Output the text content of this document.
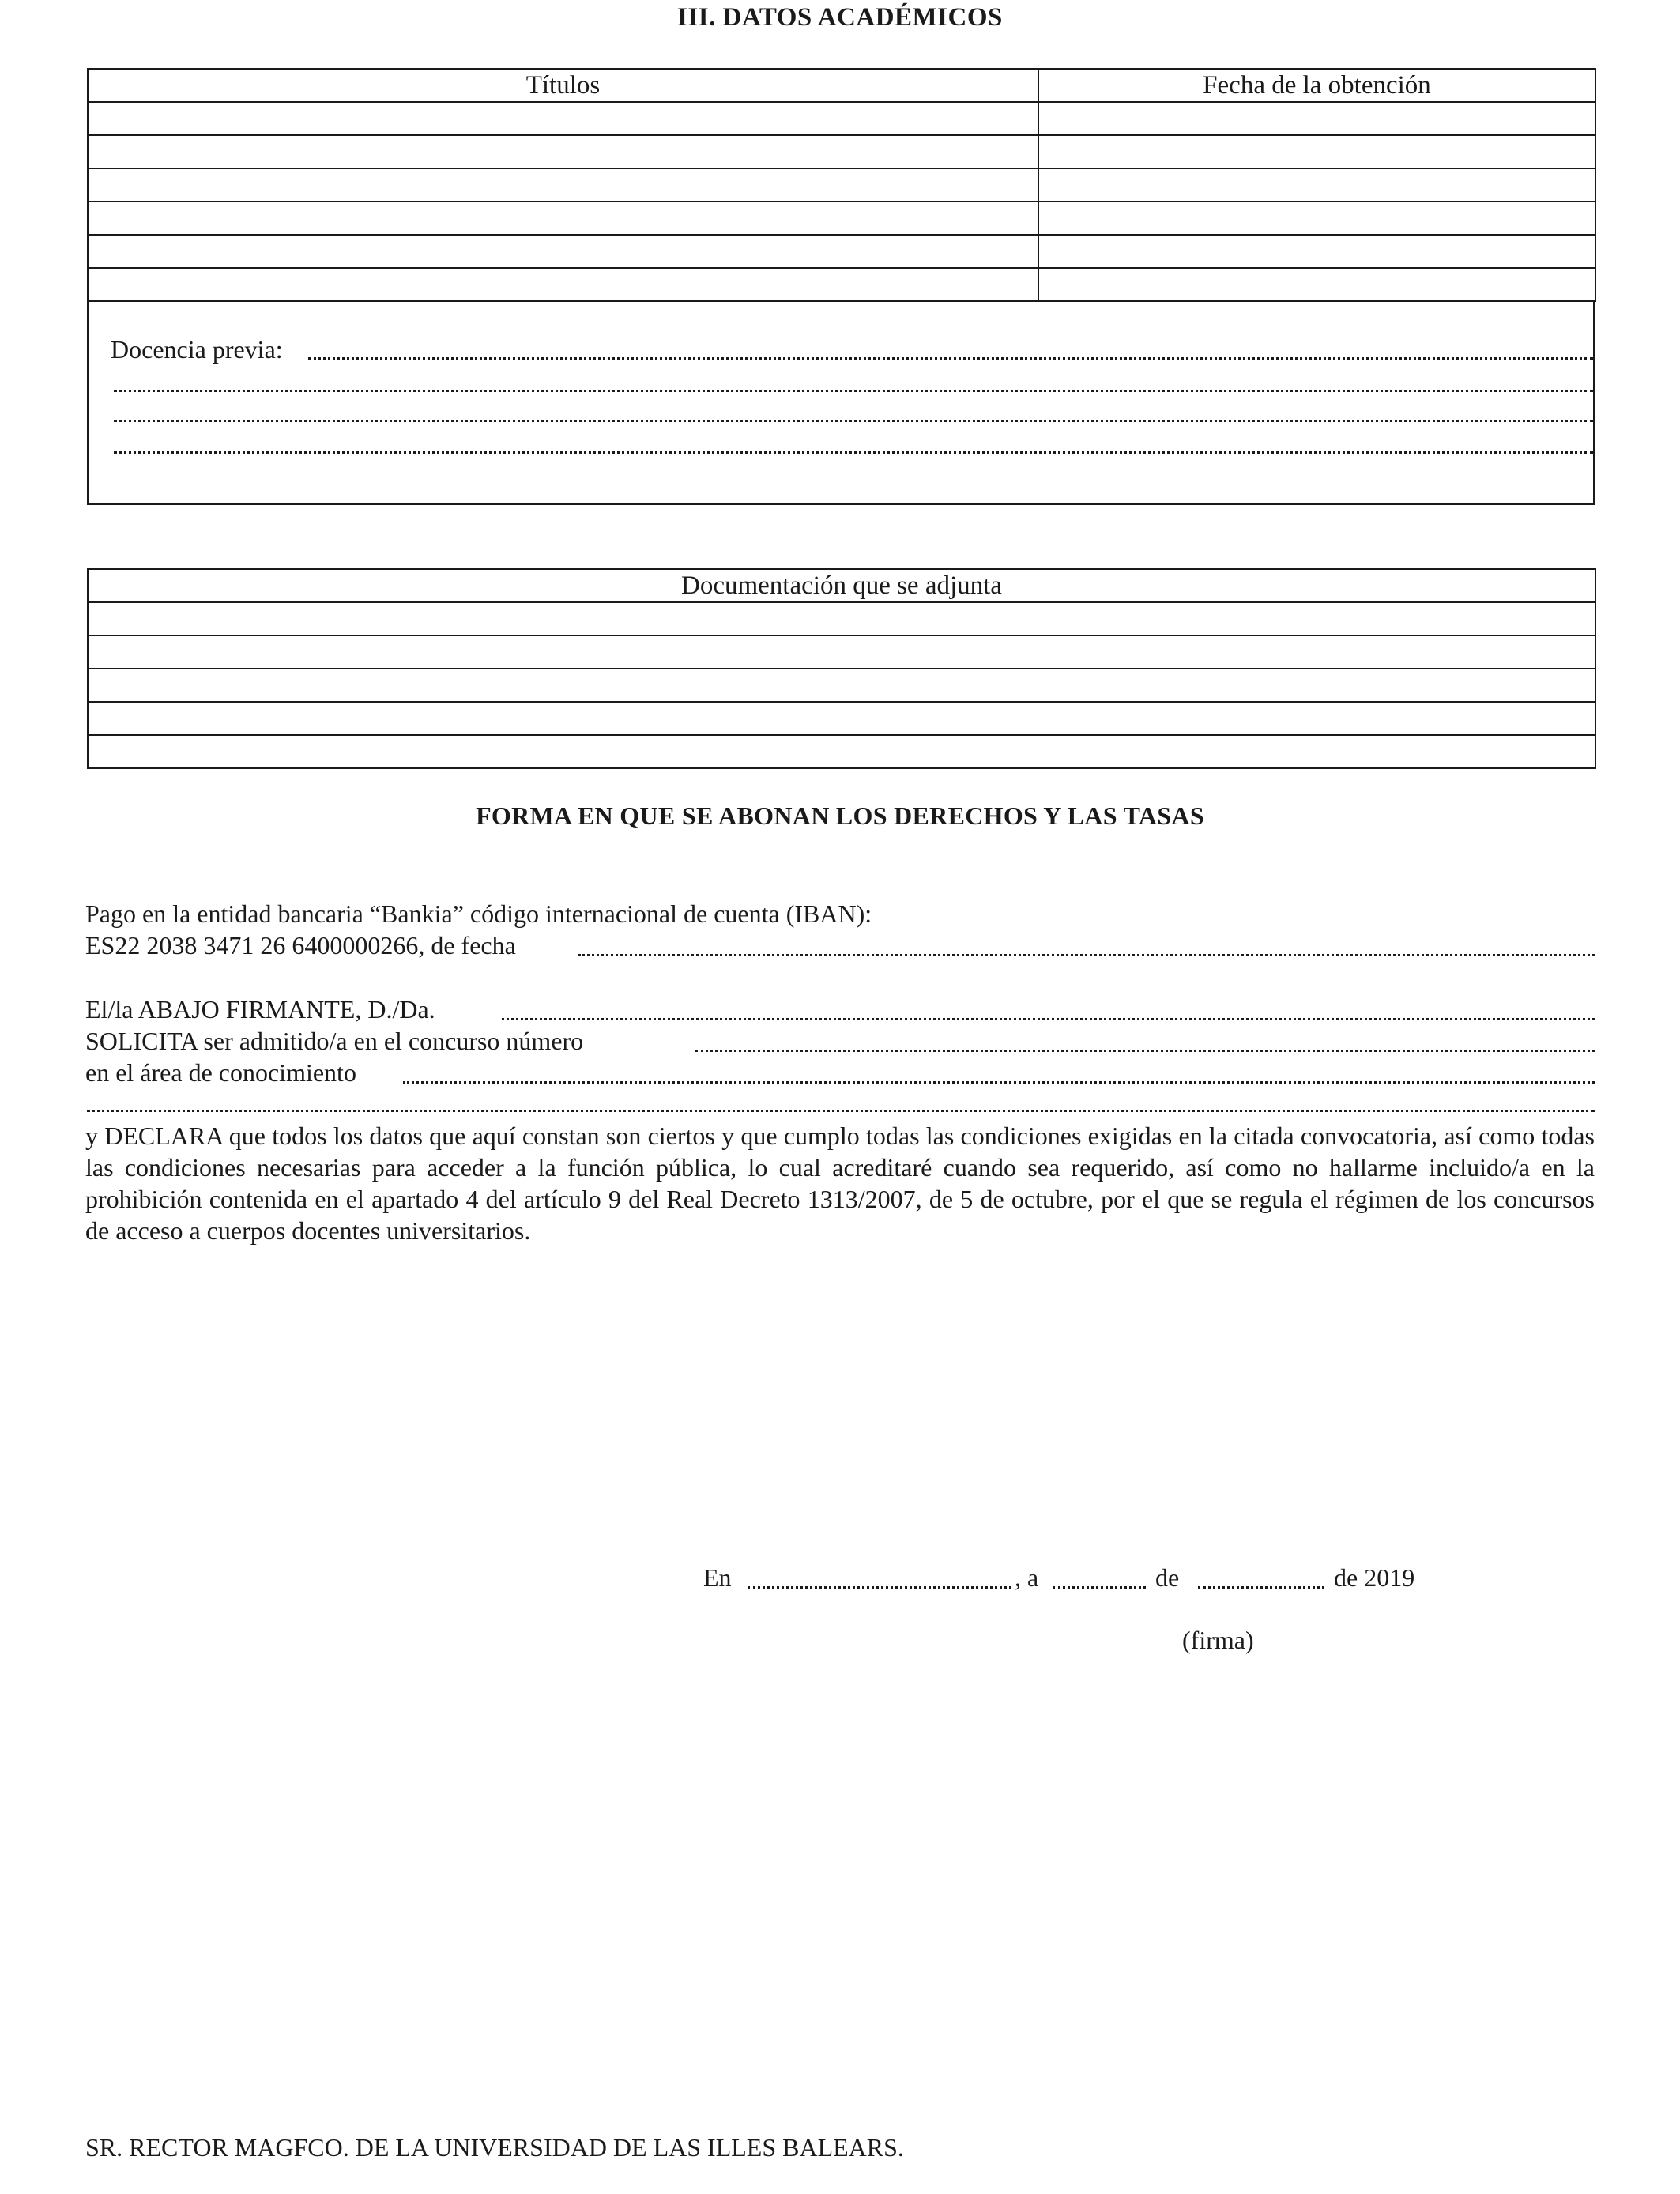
III. DATOS ACADÉMICOS
Títulos	Fecha de la obtención

Docencia previa:
Documentación que se adjunta

FORMA EN QUE SE ABONAN LOS DERECHOS Y LAS TASAS
Pago en la entidad bancaria “Bankia” código internacional de cuenta (IBAN):
ES22 2038 3471 26 6400000266, de fecha
El/la ABAJO FIRMANTE, D./Da.
SOLICITA ser admitido/a en el concurso número
en el área de conocimiento
y DECLARA que todos los datos que aquí constan son ciertos y que cumplo todas las condiciones exigidas en la citada convocatoria, así como todas las condiciones necesarias para acceder a la función pública, lo cual acreditaré cuando sea requerido, así como no hallarme incluido/a en la prohibición contenida en el apartado 4 del artículo 9 del Real Decreto 1313/2007, de 5 de octubre, por el que se regula el régimen de los concursos de acceso a cuerpos docentes universitarios.
En	, a	de	de 2019
(firma)
SR. RECTOR MAGFCO. DE LA UNIVERSIDAD DE LAS ILLES BALEARS.
